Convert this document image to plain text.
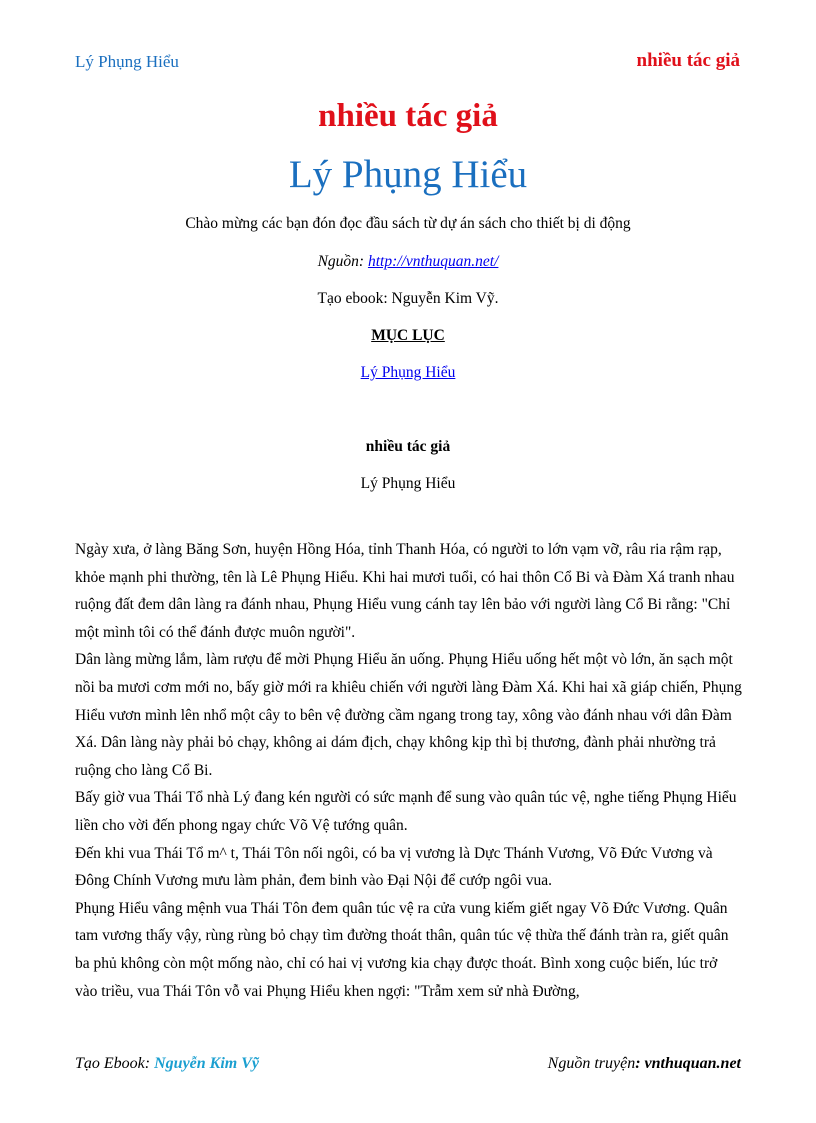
Lý Phụng Hiểu	nhiều tác giả
nhiều tác giả
Lý Phụng Hiểu
Chào mừng các bạn đón đọc đầu sách từ dự án sách cho thiết bị di động
Nguồn: http://vnthuquan.net/
Tạo ebook: Nguyễn Kim Vỹ.
MỤC LỤC
Lý Phụng Hiểu
nhiều tác giả
Lý Phụng Hiểu

Ngày xưa, ở làng Băng Sơn, huyện Hồng Hóa, tỉnh Thanh Hóa, có người to lớn vạm vỡ, râu ria rậm rạp, khỏe mạnh phi thường, tên là Lê Phụng Hiểu. Khi hai mươi tuổi, có hai thôn Cổ Bi và Đàm Xá tranh nhau ruộng đất đem dân làng ra đánh nhau, Phụng Hiểu vung cánh tay lên bảo với người làng Cổ Bi rằng: "Chỉ một mình tôi có thể đánh được muôn người".

Dân làng mừng lắm, làm rượu để mời Phụng Hiểu ăn uống. Phụng Hiểu uống hết một vò lớn, ăn sạch một nồi ba mươi cơm mới no, bấy giờ mới ra khiêu chiến với người làng Đàm Xá. Khi hai xã giáp chiến, Phụng Hiểu vươn mình lên nhổ một cây to bên vệ đường cầm ngang trong tay, xông vào đánh nhau với dân Đàm Xá. Dân làng này phải bỏ chạy, không ai dám địch, chạy không kịp thì bị thương, đành phải nhường trả ruộng cho làng Cổ Bi.

Bấy giờ vua Thái Tổ nhà Lý đang kén người có sức mạnh để sung vào quân túc vệ, nghe tiếng Phụng Hiểu liền cho vời đến phong ngay chức Võ Vệ tướng quân.

Đến khi vua Thái Tổ m^ t, Thái Tôn nối ngôi, có ba vị vương là Dực Thánh Vương, Võ Đức Vương và Đông Chính Vương mưu làm phản, đem binh vào Đại Nội để cướp ngôi vua.

Phụng Hiểu vâng mệnh vua Thái Tôn đem quân túc vệ ra cửa vung kiếm giết ngay Võ Đức Vương. Quân tam vương thấy vậy, rùng rùng bỏ chạy tìm đường thoát thân, quân túc vệ thừa thế đánh tràn ra, giết quân ba phủ không còn một mống nào, chỉ có hai vị vương kia chạy được thoát. Bình xong cuộc biến, lúc trở vào triều, vua Thái Tôn vỗ vai Phụng Hiểu khen ngợi: "Trẫm xem sử nhà Đường,

Tạo Ebook: Nguyễn Kim Vỹ	Nguồn truyện: vnthuquan.net
